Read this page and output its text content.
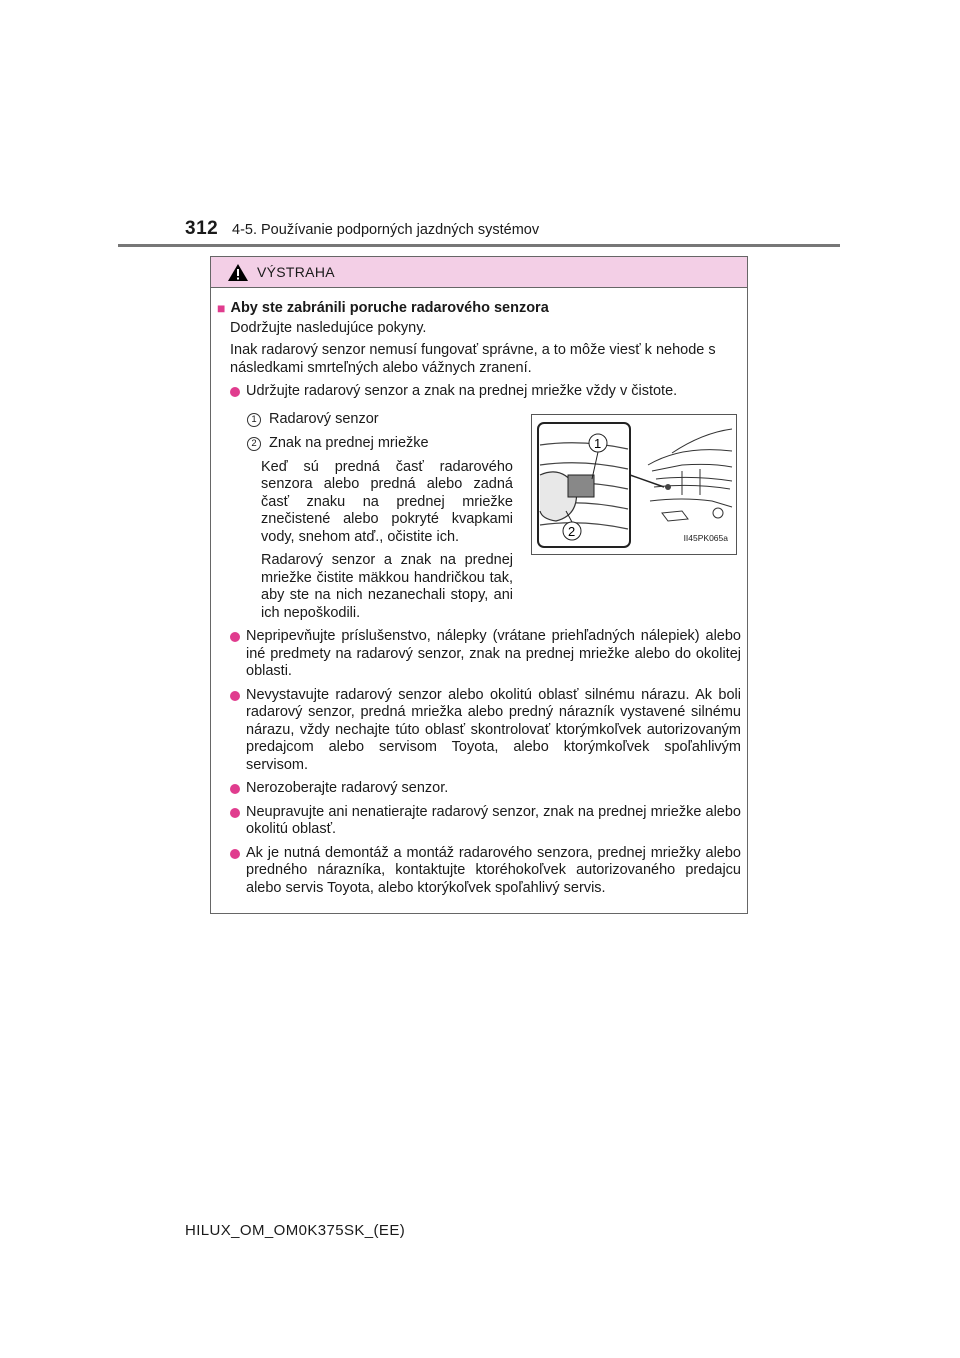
312 4-5. Používanie podporných jazdných systémov
VÝSTRAHA
■ Aby ste zabránili poruche radarového senzora
Dodržujte nasledujúce pokyny.
Inak radarový senzor nemusí fungovať správne, a to môže viesť k nehode s následkami smrteľných alebo vážnych zranení.
Udržujte radarový senzor a znak na prednej mriežke vždy v čistote.
1 Radarový senzor
2 Znak na prednej mriežke
Keď sú predná časť radarového senzora alebo predná alebo zadná časť znaku na prednej mriežke znečistené alebo pokryté kvapkami vody, snehom atď., očistite ich.
Radarový senzor a znak na prednej mriežke čistite mäkkou handričkou tak, aby ste na nich nezanechali stopy, ani ich nepoškodili.
1
2	II45PK065a
Nepripevňujte príslušenstvo, nálepky (vrátane priehľadných nálepiek) alebo iné predmety na radarový senzor, znak na prednej mriežke alebo do okolitej oblasti.
Nevystavujte radarový senzor alebo okolitú oblasť silnému nárazu. Ak boli radarový senzor, predná mriežka alebo predný nárazník vystavené silnému nárazu, vždy nechajte túto oblasť skontrolovať ktorýmkoľvek autorizovaným predajcom alebo servisom Toyota, alebo ktorýmkoľvek spoľahlivým servisom.
Nerozoberajte radarový senzor.
Neupravujte ani nenatierajte radarový senzor, znak na prednej mriežke alebo okolitú oblasť.
Ak je nutná demontáž a montáž radarového senzora, prednej mriežky alebo predného nárazníka, kontaktujte ktoréhokoľvek autorizovaného predajcu alebo servis Toyota, alebo ktorýkoľvek spoľahlivý servis.
HILUX_OM_OM0K375SK_(EE)
